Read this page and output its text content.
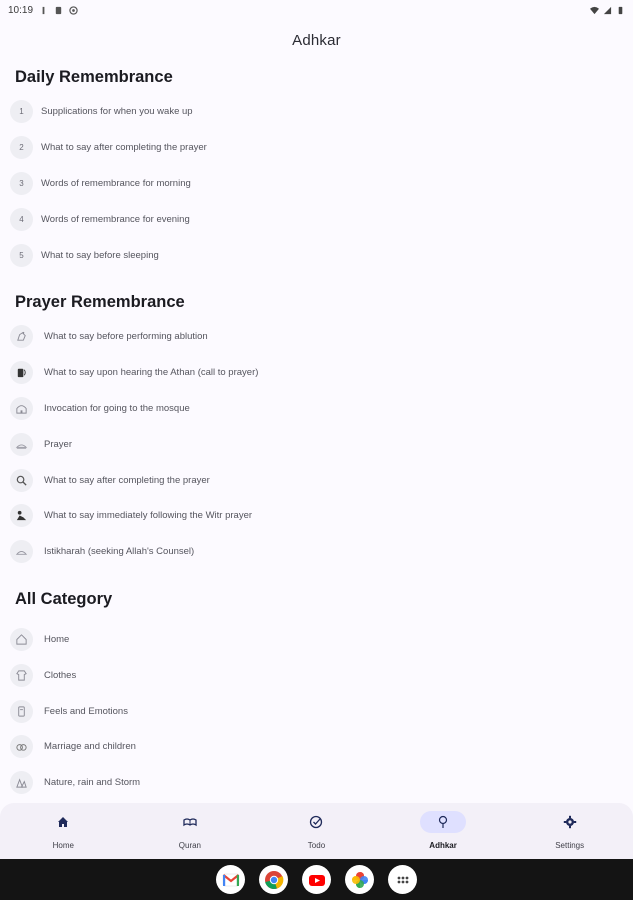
10:19
Adhkar
Daily Remembrance
1	Supplications for when you wake up
2	What to say after completing the prayer
3	Words of remembrance for morning
4	Words of remembrance for evening
5	What to say before sleeping
Prayer Remembrance
What to say before performing ablution
What to say upon hearing the Athan (call to prayer)
Invocation for going to the mosque
Prayer
What to say after completing the prayer
What to say immediately following the Witr prayer
Istikharah (seeking Allah's Counsel)
All Category
Home
Clothes
Feels and Emotions
Marriage and children
Nature, rain and Storm
Home	Quran	Todo	Adhkar	Settings
